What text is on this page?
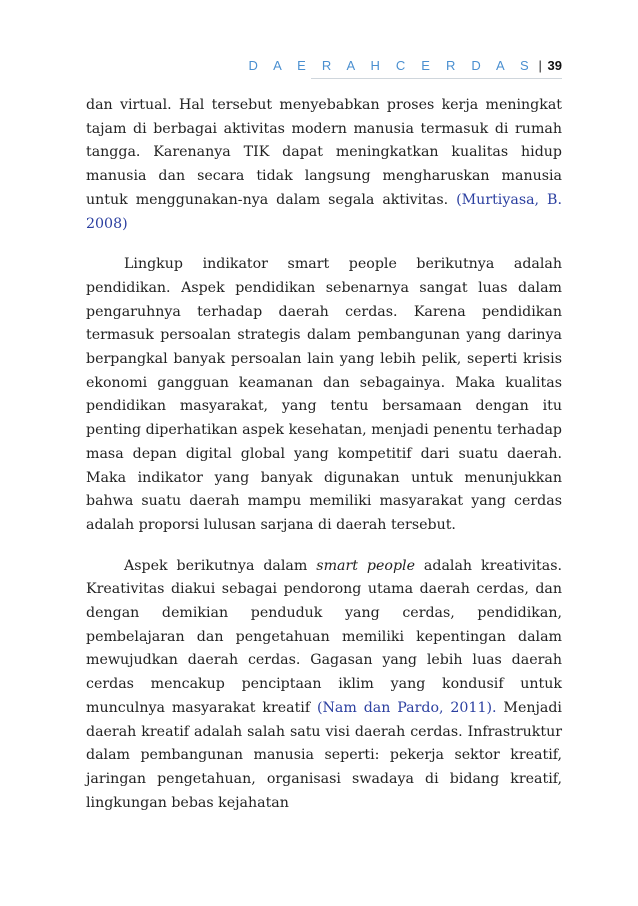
D A E R A H C E R D A S | 39

dan virtual. Hal tersebut menyebabkan proses kerja meningkat tajam di berbagai aktivitas modern manusia termasuk di rumah tangga. Karenanya TIK dapat meningkatkan kualitas hidup manusia dan secara tidak langsung mengharuskan manusia untuk menggunakan-nya dalam segala aktivitas. (Murtiyasa, B. 2008)

Lingkup indikator smart people berikutnya adalah pendidikan. Aspek pendidikan sebenarnya sangat luas dalam pengaruhnya terhadap daerah cerdas. Karena pendidikan termasuk persoalan strategis dalam pembangunan yang darinya berpangkal banyak persoalan lain yang lebih pelik, seperti krisis ekonomi gangguan keamanan dan sebagainya. Maka kualitas pendidikan masyarakat, yang tentu bersamaan dengan itu penting diperhatikan aspek kesehatan, menjadi penentu terhadap masa depan digital global yang kompetitif dari suatu daerah. Maka indikator yang banyak digunakan untuk menunjukkan bahwa suatu daerah mampu memiliki masyarakat yang cerdas adalah proporsi lulusan sarjana di daerah tersebut.

Aspek berikutnya dalam smart people adalah kreativitas. Kreativitas diakui sebagai pendorong utama daerah cerdas, dan dengan demikian penduduk yang cerdas, pendidikan, pembelajaran dan pengetahuan memiliki kepentingan dalam mewujudkan daerah cerdas. Gagasan yang lebih luas daerah cerdas mencakup penciptaan iklim yang kondusif untuk munculnya masyarakat kreatif (Nam dan Pardo, 2011). Menjadi daerah kreatif adalah salah satu visi daerah cerdas. Infrastruktur dalam pembangunan manusia seperti: pekerja sektor kreatif, jaringan pengetahuan, organisasi swadaya di bidang kreatif, lingkungan bebas kejahatan
